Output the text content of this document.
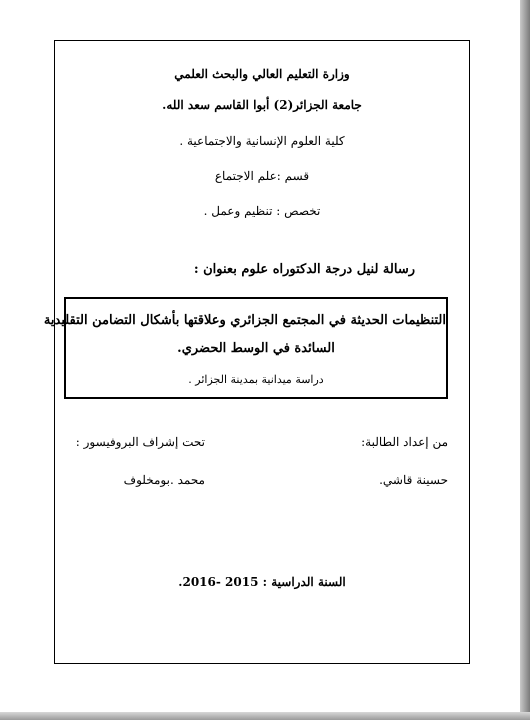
وزارة التعليم العالي والبحث العلمي
جامعة الجزائر(2) أبوا القاسم سعد الله.
كلية العلوم الإنسانية والاجتماعية .
قسم :علم الاجتماع
تخصص : تنظيم وعمل .
رسالة لنيل درجة الدكتوراه علوم بعنوان :
التنظيمات الحديثة في المجتمع الجزائري وعلاقتها بأشكال التضامن التقليدية
السائدة في الوسط الحضري.
دراسة ميدانية بمدينة الجزائر .
من إعداد الطالبة:
تحت إشراف البروفيسور :
حسينة قاشي.
محمد .بومخلوف
السنة الدراسية : 2015 -2016.
